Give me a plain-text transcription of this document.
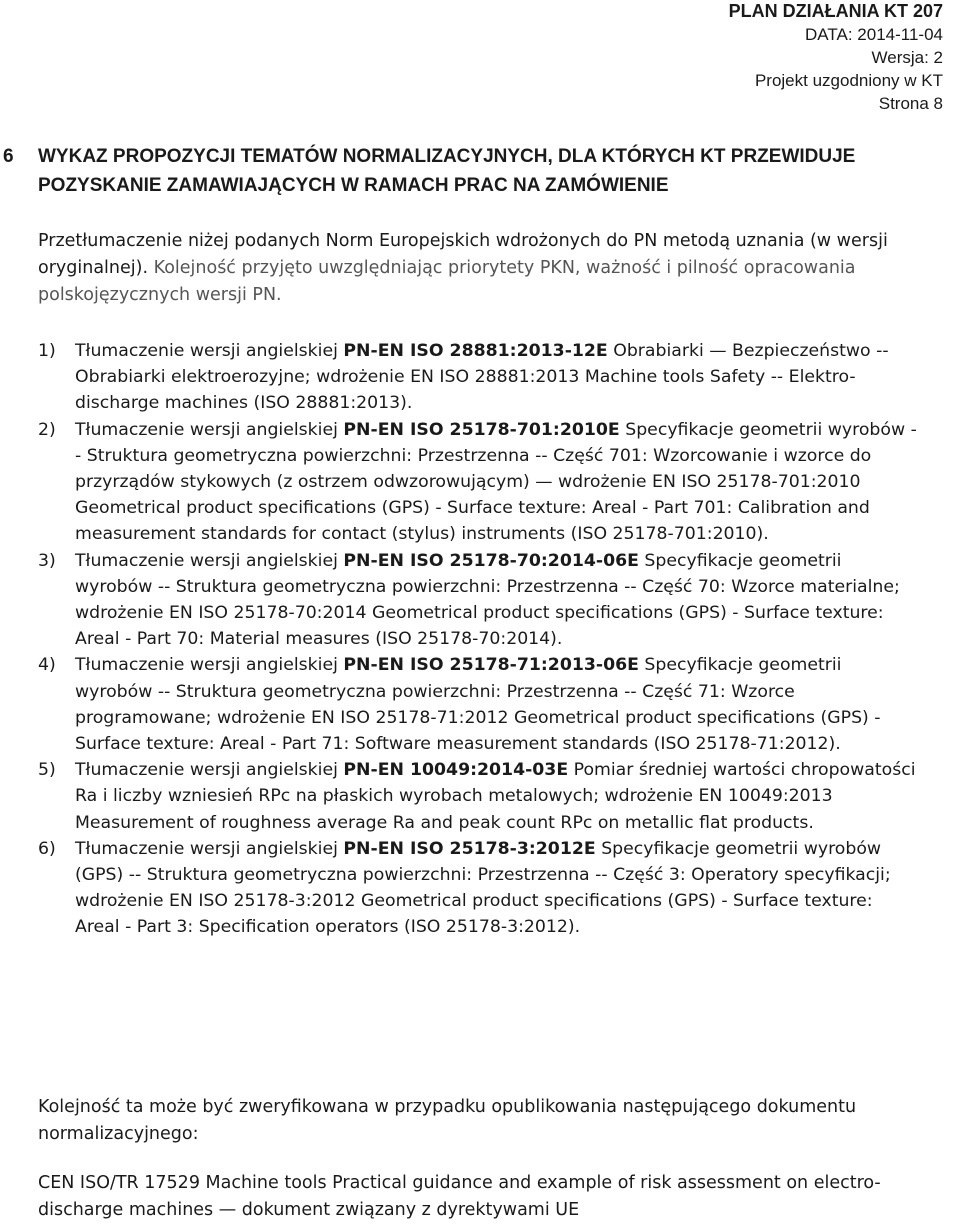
PLAN DZIAŁANIA KT 207
DATA: 2014-11-04
Wersja: 2
Projekt uzgodniony w KT
Strona 8
6 WYKAZ PROPOZYCJI TEMATÓW NORMALIZACYJNYCH, DLA KTÓRYCH KT PRZEWIDUJE POZYSKANIE ZAMAWIAJĄCYCH W RAMACH PRAC NA ZAMÓWIENIE
Przetłumaczenie niżej podanych Norm Europejskich wdrożonych do PN metodą uznania (w wersji oryginalnej). Kolejność przyjęto uwzględniając priorytety PKN, ważność i pilność opracowania polskojęzycznych wersji PN.
1) Tłumaczenie wersji angielskiej PN-EN ISO 28881:2013-12E Obrabiarki — Bezpieczeństwo -- Obrabiarki elektroerozyjne; wdrożenie EN ISO 28881:2013 Machine tools Safety -- Elektro-discharge machines (ISO 28881:2013).
2) Tłumaczenie wersji angielskiej PN-EN ISO 25178-701:2010E Specyfikacje geometrii wyrobów -- Struktura geometryczna powierzchni: Przestrzenna -- Część 701: Wzorcowanie i wzorce do przyrządów stykowych (z ostrzem odwzorowującym) — wdrożenie EN ISO 25178-701:2010 Geometrical product specifications (GPS) - Surface texture: Areal - Part 701: Calibration and measurement standards for contact (stylus) instruments (ISO 25178-701:2010).
3) Tłumaczenie wersji angielskiej PN-EN ISO 25178-70:2014-06E Specyfikacje geometrii wyrobów -- Struktura geometryczna powierzchni: Przestrzenna -- Część 70: Wzorce materialne; wdrożenie EN ISO 25178-70:2014 Geometrical product specifications (GPS) - Surface texture: Areal - Part 70: Material measures (ISO 25178-70:2014).
4) Tłumaczenie wersji angielskiej PN-EN ISO 25178-71:2013-06E Specyfikacje geometrii wyrobów -- Struktura geometryczna powierzchni: Przestrzenna -- Część 71: Wzorce programowane; wdrożenie EN ISO 25178-71:2012 Geometrical product specifications (GPS) - Surface texture: Areal - Part 71: Software measurement standards (ISO 25178-71:2012).
5) Tłumaczenie wersji angielskiej PN-EN 10049:2014-03E Pomiar średniej wartości chropowatości Ra i liczby wzniesień RPc na płaskich wyrobach metalowych; wdrożenie EN 10049:2013 Measurement of roughness average Ra and peak count RPc on metallic flat products.
6) Tłumaczenie wersji angielskiej PN-EN ISO 25178-3:2012E Specyfikacje geometrii wyrobów (GPS) -- Struktura geometryczna powierzchni: Przestrzenna -- Część 3: Operatory specyfikacji; wdrożenie EN ISO 25178-3:2012 Geometrical product specifications (GPS) - Surface texture: Areal - Part 3: Specification operators (ISO 25178-3:2012).
Kolejność ta może być zweryfikowana w przypadku opublikowania następującego dokumentu normalizacyjnego:
CEN ISO/TR 17529 Machine tools Practical guidance and example of risk assessment on electro-discharge machines — dokument związany z dyrektywami UE
